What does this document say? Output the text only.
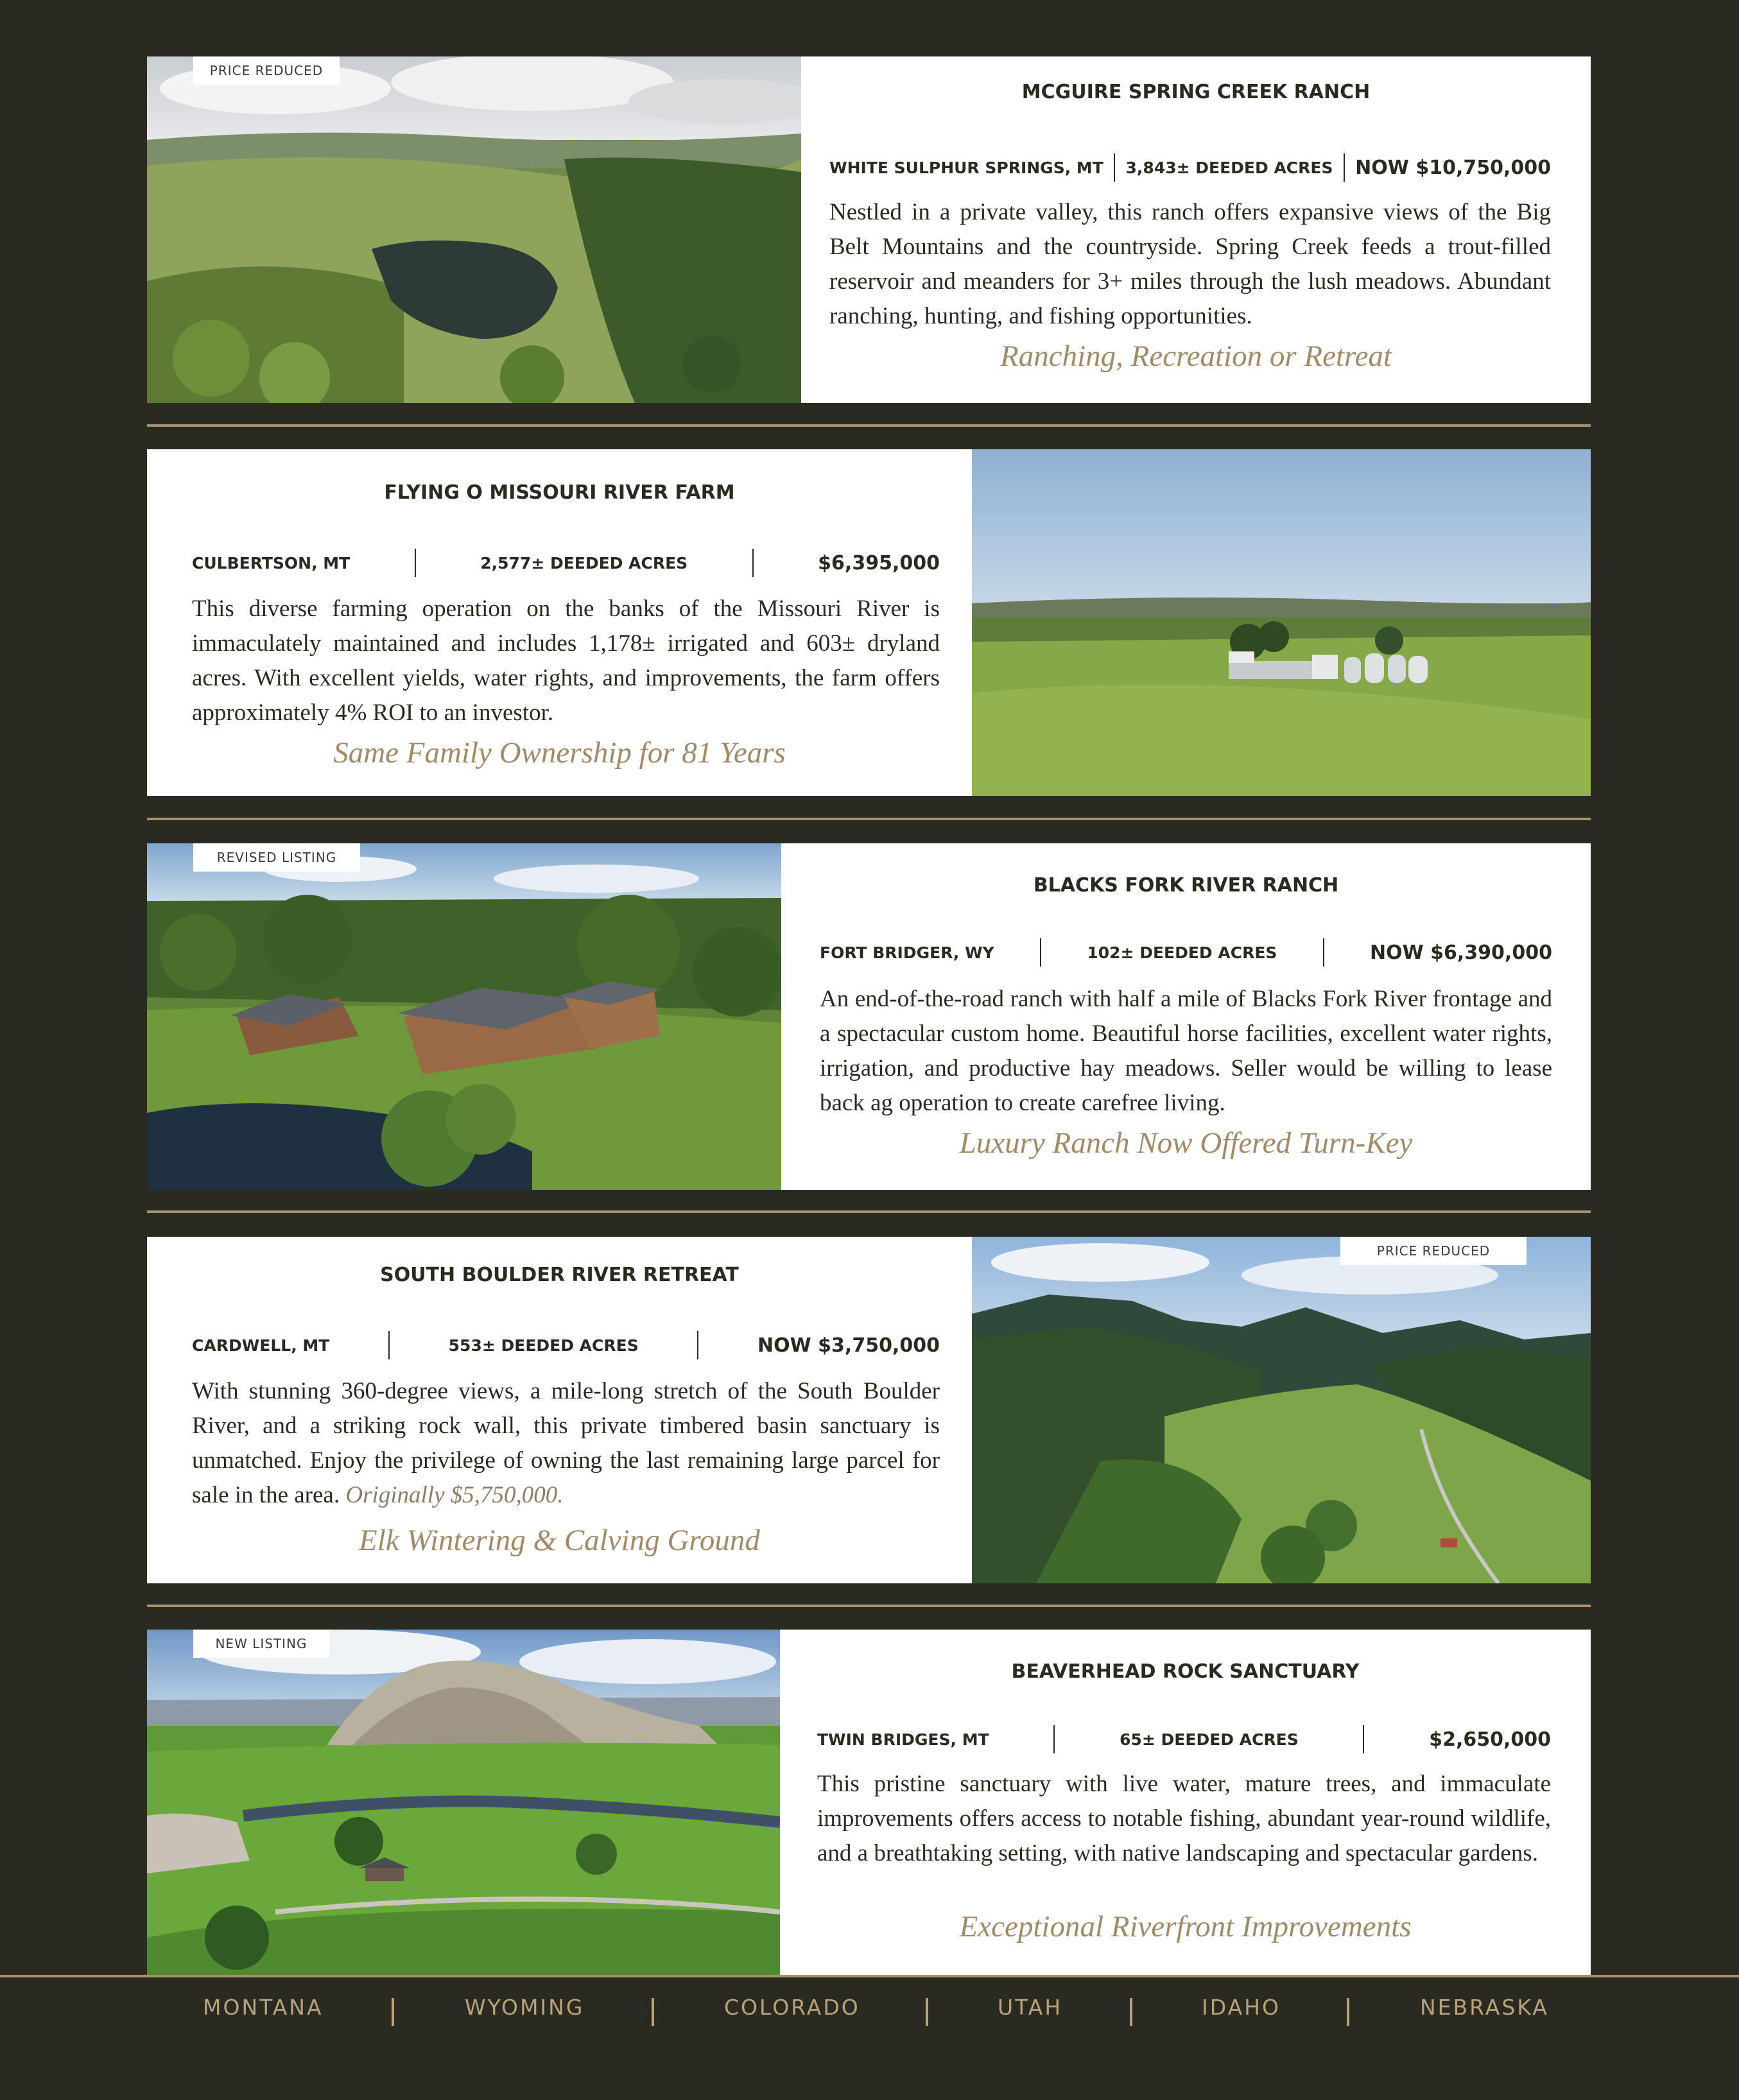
PRICE REDUCED
MCGUIRE SPRING CREEK RANCH
WHITE SULPHUR SPRINGS, MT 3,843± DEEDED ACRES NOW $10,750,000
Nestled in a private valley, this ranch offers expansive views of the Big Belt Mountains and the countryside. Spring Creek feeds a trout-filled reservoir and meanders for 3+ miles through the lush meadows. Abundant ranching, hunting, and fishing opportunities.
Ranching, Recreation or Retreat
FLYING O MISSOURI RIVER FARM
CULBERTSON, MT	2,577± DEEDED ACRES	$6,395,000
This diverse farming operation on the banks of the Missouri River is immaculately maintained and includes 1,178± irrigated and 603± dryland acres. With excellent yields, water rights, and improvements, the farm offers approximately 4% ROI to an investor.
Same Family Ownership for 81 Years
REVISED LISTING
BLACKS FORK RIVER RANCH
FORT BRIDGER, WY	102± DEEDED ACRES	NOW $6,390,000
An end-of-the-road ranch with half a mile of Blacks Fork River frontage and a spectacular custom home. Beautiful horse facilities, excellent water rights, irrigation, and productive hay meadows. Seller would be willing to lease back ag operation to create carefree living.
Luxury Ranch Now Offered Turn-Key
SOUTH BOULDER RIVER RETREAT
CARDWELL, MT	553± DEEDED ACRES	NOW $3,750,000
With stunning 360-degree views, a mile-long stretch of the South Boulder River, and a striking rock wall, this private timbered basin sanctuary is unmatched. Enjoy the privilege of owning the last remaining large parcel for sale in the area. Originally $5,750,000.
Elk Wintering & Calving Ground
PRICE REDUCED
NEW LISTING
BEAVERHEAD ROCK SANCTUARY
TWIN BRIDGES, MT	65± DEEDED ACRES	$2,650,000
This pristine sanctuary with live water, mature trees, and immaculate improvements offers access to notable fishing, abundant year-round wildlife, and a breathtaking setting, with native landscaping and spectacular gardens.
Exceptional Riverfront Improvements
MONTANA	WYOMING	COLORADO	UTAH	IDAHO	NEBRASKA
